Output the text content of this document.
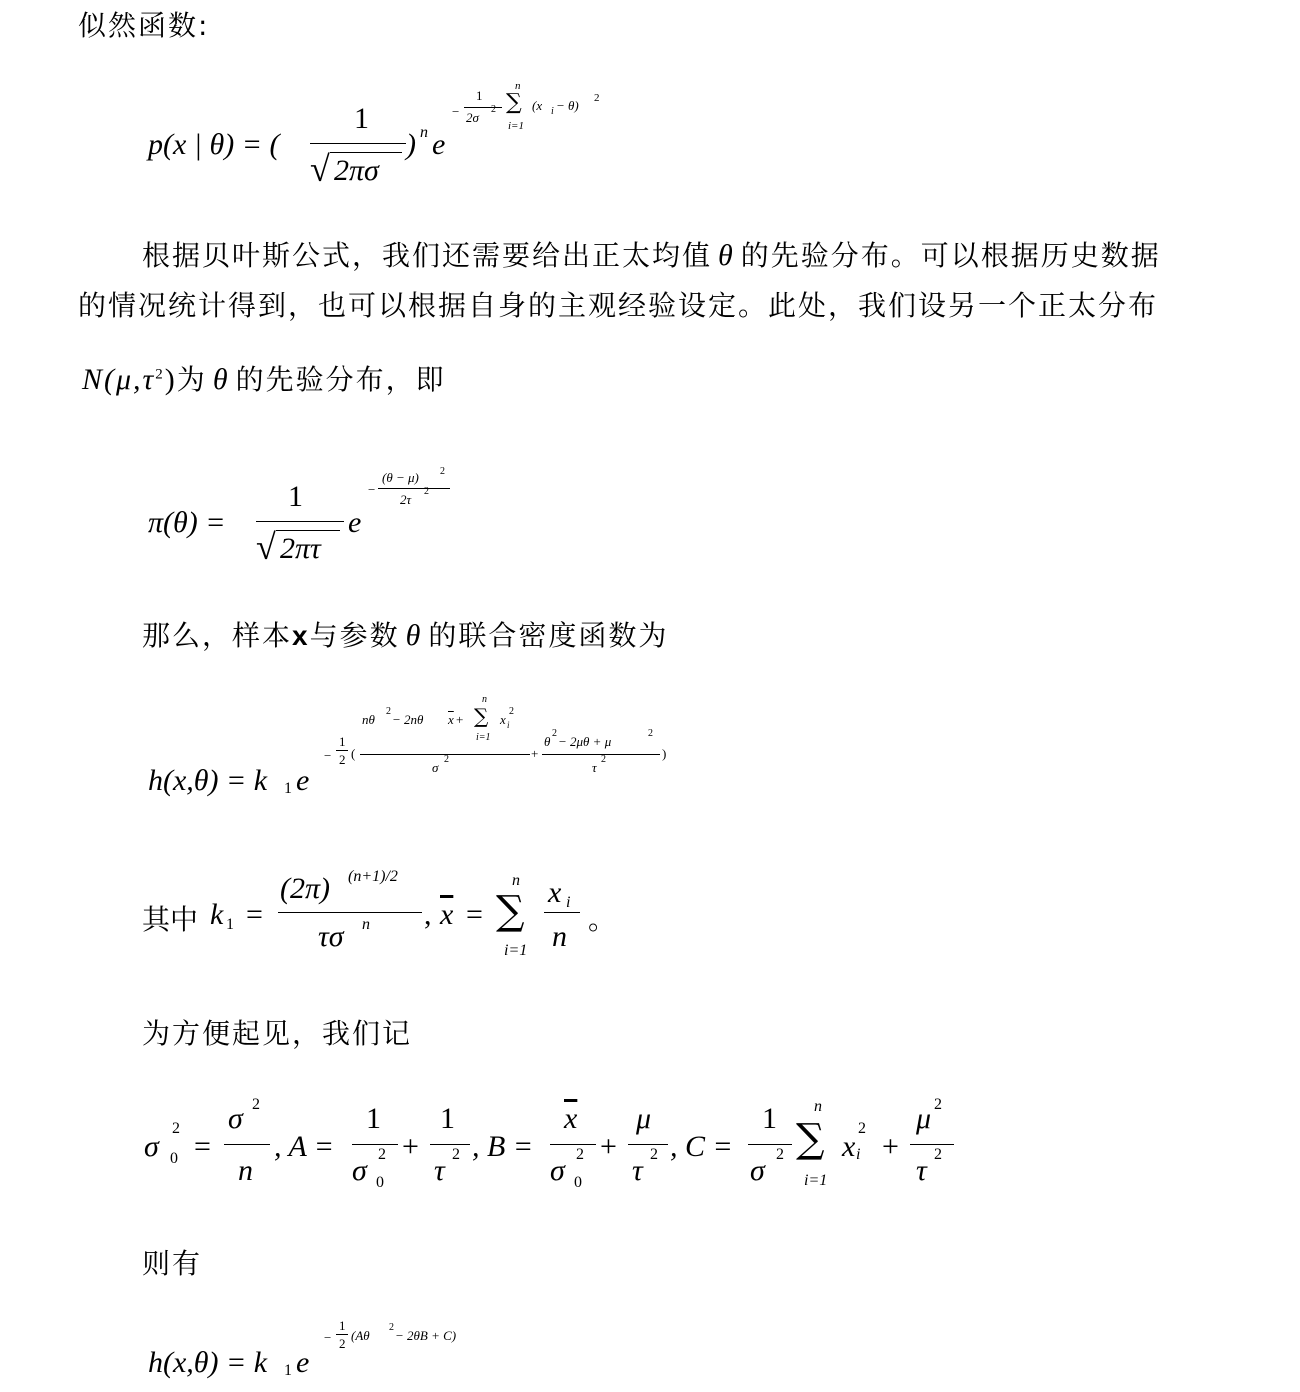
似然函数:
p(x | θ) = (
1
√ 2πσ
) n e
−
1
2σ
2
n
∑
i=1
(x i − θ) 2
根据贝叶斯公式，我们还需要给出正太均值 θ 的先验分布。可以根据历史数据
的情况统计得到，也可以根据自身的主观经验设定。此处，我们设另一个正太分布
$N(\mu,\tau^2)$为 θ 的先验分布，即
π(θ) =
1
√ 2πτ
e
−
(θ − μ) 2
2τ
2
那么，样本x与参数 θ 的联合密度函数为
h(x,θ) = k 1 e
−
1
2 (
nθ
2
− 2nθ $\overline{x}$ +
n
∑
i=1
x i
2
σ
2	+
θ
2
− 2μθ + μ
2
τ
2	)
其中 k 1 =
(2π) (n+1)/2
τσ n , $\overline{x}$ =
n
∑
i=1
x i
n
。
为方便起见，我们记
σ
2
0 =
σ 2
n
, A =
1
σ 2
0
+
1
τ 2 , B =
$\overline{x}$
σ 2
0
+
μ
τ 2 , C =
1
σ 2
n
∑
i=1
x i
2
+
μ 2
τ 2
则有
h(x,θ) = k 1 e
−
1
2
(Aθ
2
− 2θB + C)
